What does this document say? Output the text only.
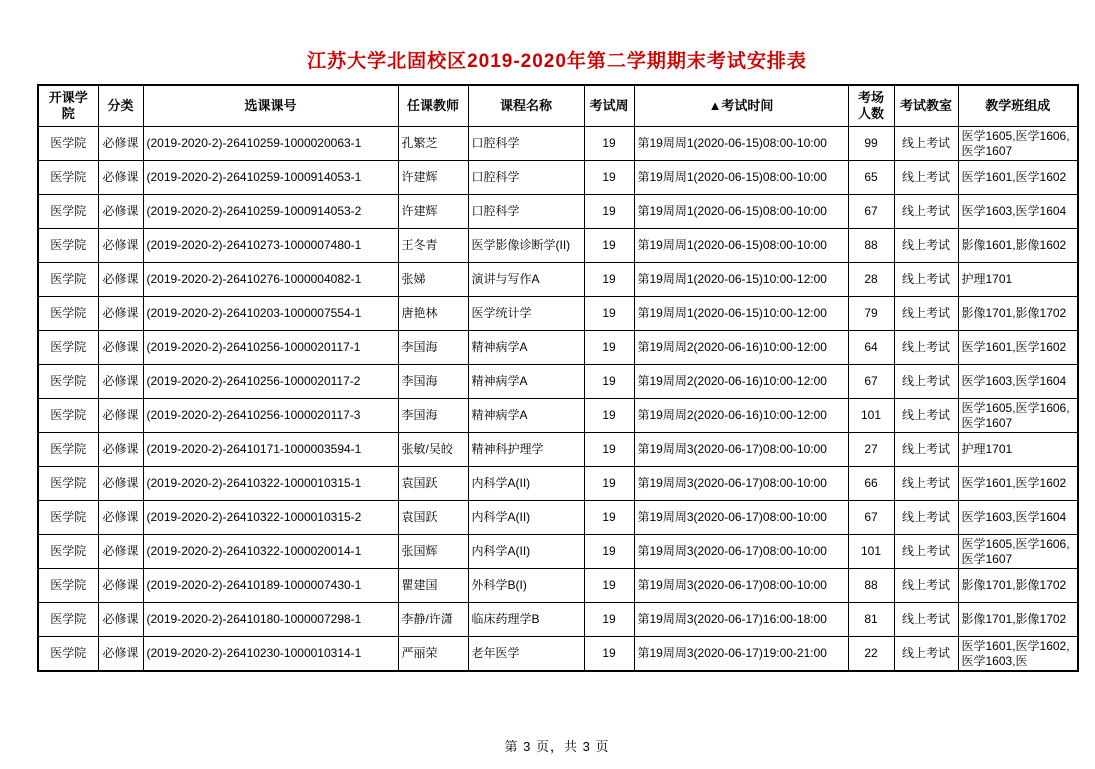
江苏大学北固校区2019-2020年第二学期期末考试安排表
开课学院	分类	选课课号	任课教师	课程名称	考试周	▲考试时间	考场人数	考试教室	教学班组成
医学院	必修课	(2019-2020-2)-26410259-1000020063-1	孔繁芝	口腔科学	19	第19周周1(2020-06-15)08:00-10:00	99	线上考试	医学1605,医学1606,医学1607
医学院	必修课	(2019-2020-2)-26410259-1000914053-1	许建辉	口腔科学	19	第19周周1(2020-06-15)08:00-10:00	65	线上考试	医学1601,医学1602
医学院	必修课	(2019-2020-2)-26410259-1000914053-2	许建辉	口腔科学	19	第19周周1(2020-06-15)08:00-10:00	67	线上考试	医学1603,医学1604
医学院	必修课	(2019-2020-2)-26410273-1000007480-1	王冬青	医学影像诊断学(II)	19	第19周周1(2020-06-15)08:00-10:00	88	线上考试	影像1601,影像1602
医学院	必修课	(2019-2020-2)-26410276-1000004082-1	张娣	演讲与写作A	19	第19周周1(2020-06-15)10:00-12:00	28	线上考试	护理1701
医学院	必修课	(2019-2020-2)-26410203-1000007554-1	唐艳林	医学统计学	19	第19周周1(2020-06-15)10:00-12:00	79	线上考试	影像1701,影像1702
医学院	必修课	(2019-2020-2)-26410256-1000020117-1	李国海	精神病学A	19	第19周周2(2020-06-16)10:00-12:00	64	线上考试	医学1601,医学1602
医学院	必修课	(2019-2020-2)-26410256-1000020117-2	李国海	精神病学A	19	第19周周2(2020-06-16)10:00-12:00	67	线上考试	医学1603,医学1604
医学院	必修课	(2019-2020-2)-26410256-1000020117-3	李国海	精神病学A	19	第19周周2(2020-06-16)10:00-12:00	101	线上考试	医学1605,医学1606,医学1607
医学院	必修课	(2019-2020-2)-26410171-1000003594-1	张敏/吴皎	精神科护理学	19	第19周周3(2020-06-17)08:00-10:00	27	线上考试	护理1701
医学院	必修课	(2019-2020-2)-26410322-1000010315-1	袁国跃	内科学A(II)	19	第19周周3(2020-06-17)08:00-10:00	66	线上考试	医学1601,医学1602
医学院	必修课	(2019-2020-2)-26410322-1000010315-2	袁国跃	内科学A(II)	19	第19周周3(2020-06-17)08:00-10:00	67	线上考试	医学1603,医学1604
医学院	必修课	(2019-2020-2)-26410322-1000020014-1	张国辉	内科学A(II)	19	第19周周3(2020-06-17)08:00-10:00	101	线上考试	医学1605,医学1606,医学1607
医学院	必修课	(2019-2020-2)-26410189-1000007430-1	瞿建国	外科学B(I)	19	第19周周3(2020-06-17)08:00-10:00	88	线上考试	影像1701,影像1702
医学院	必修课	(2019-2020-2)-26410180-1000007298-1	李静/许潇	临床药理学B	19	第19周周3(2020-06-17)16:00-18:00	81	线上考试	影像1701,影像1702
医学院	必修课	(2019-2020-2)-26410230-1000010314-1	严丽荣	老年医学	19	第19周周3(2020-06-17)19:00-21:00	22	线上考试	医学1601,医学1602,医学1603,医
第 3 页，共 3 页
